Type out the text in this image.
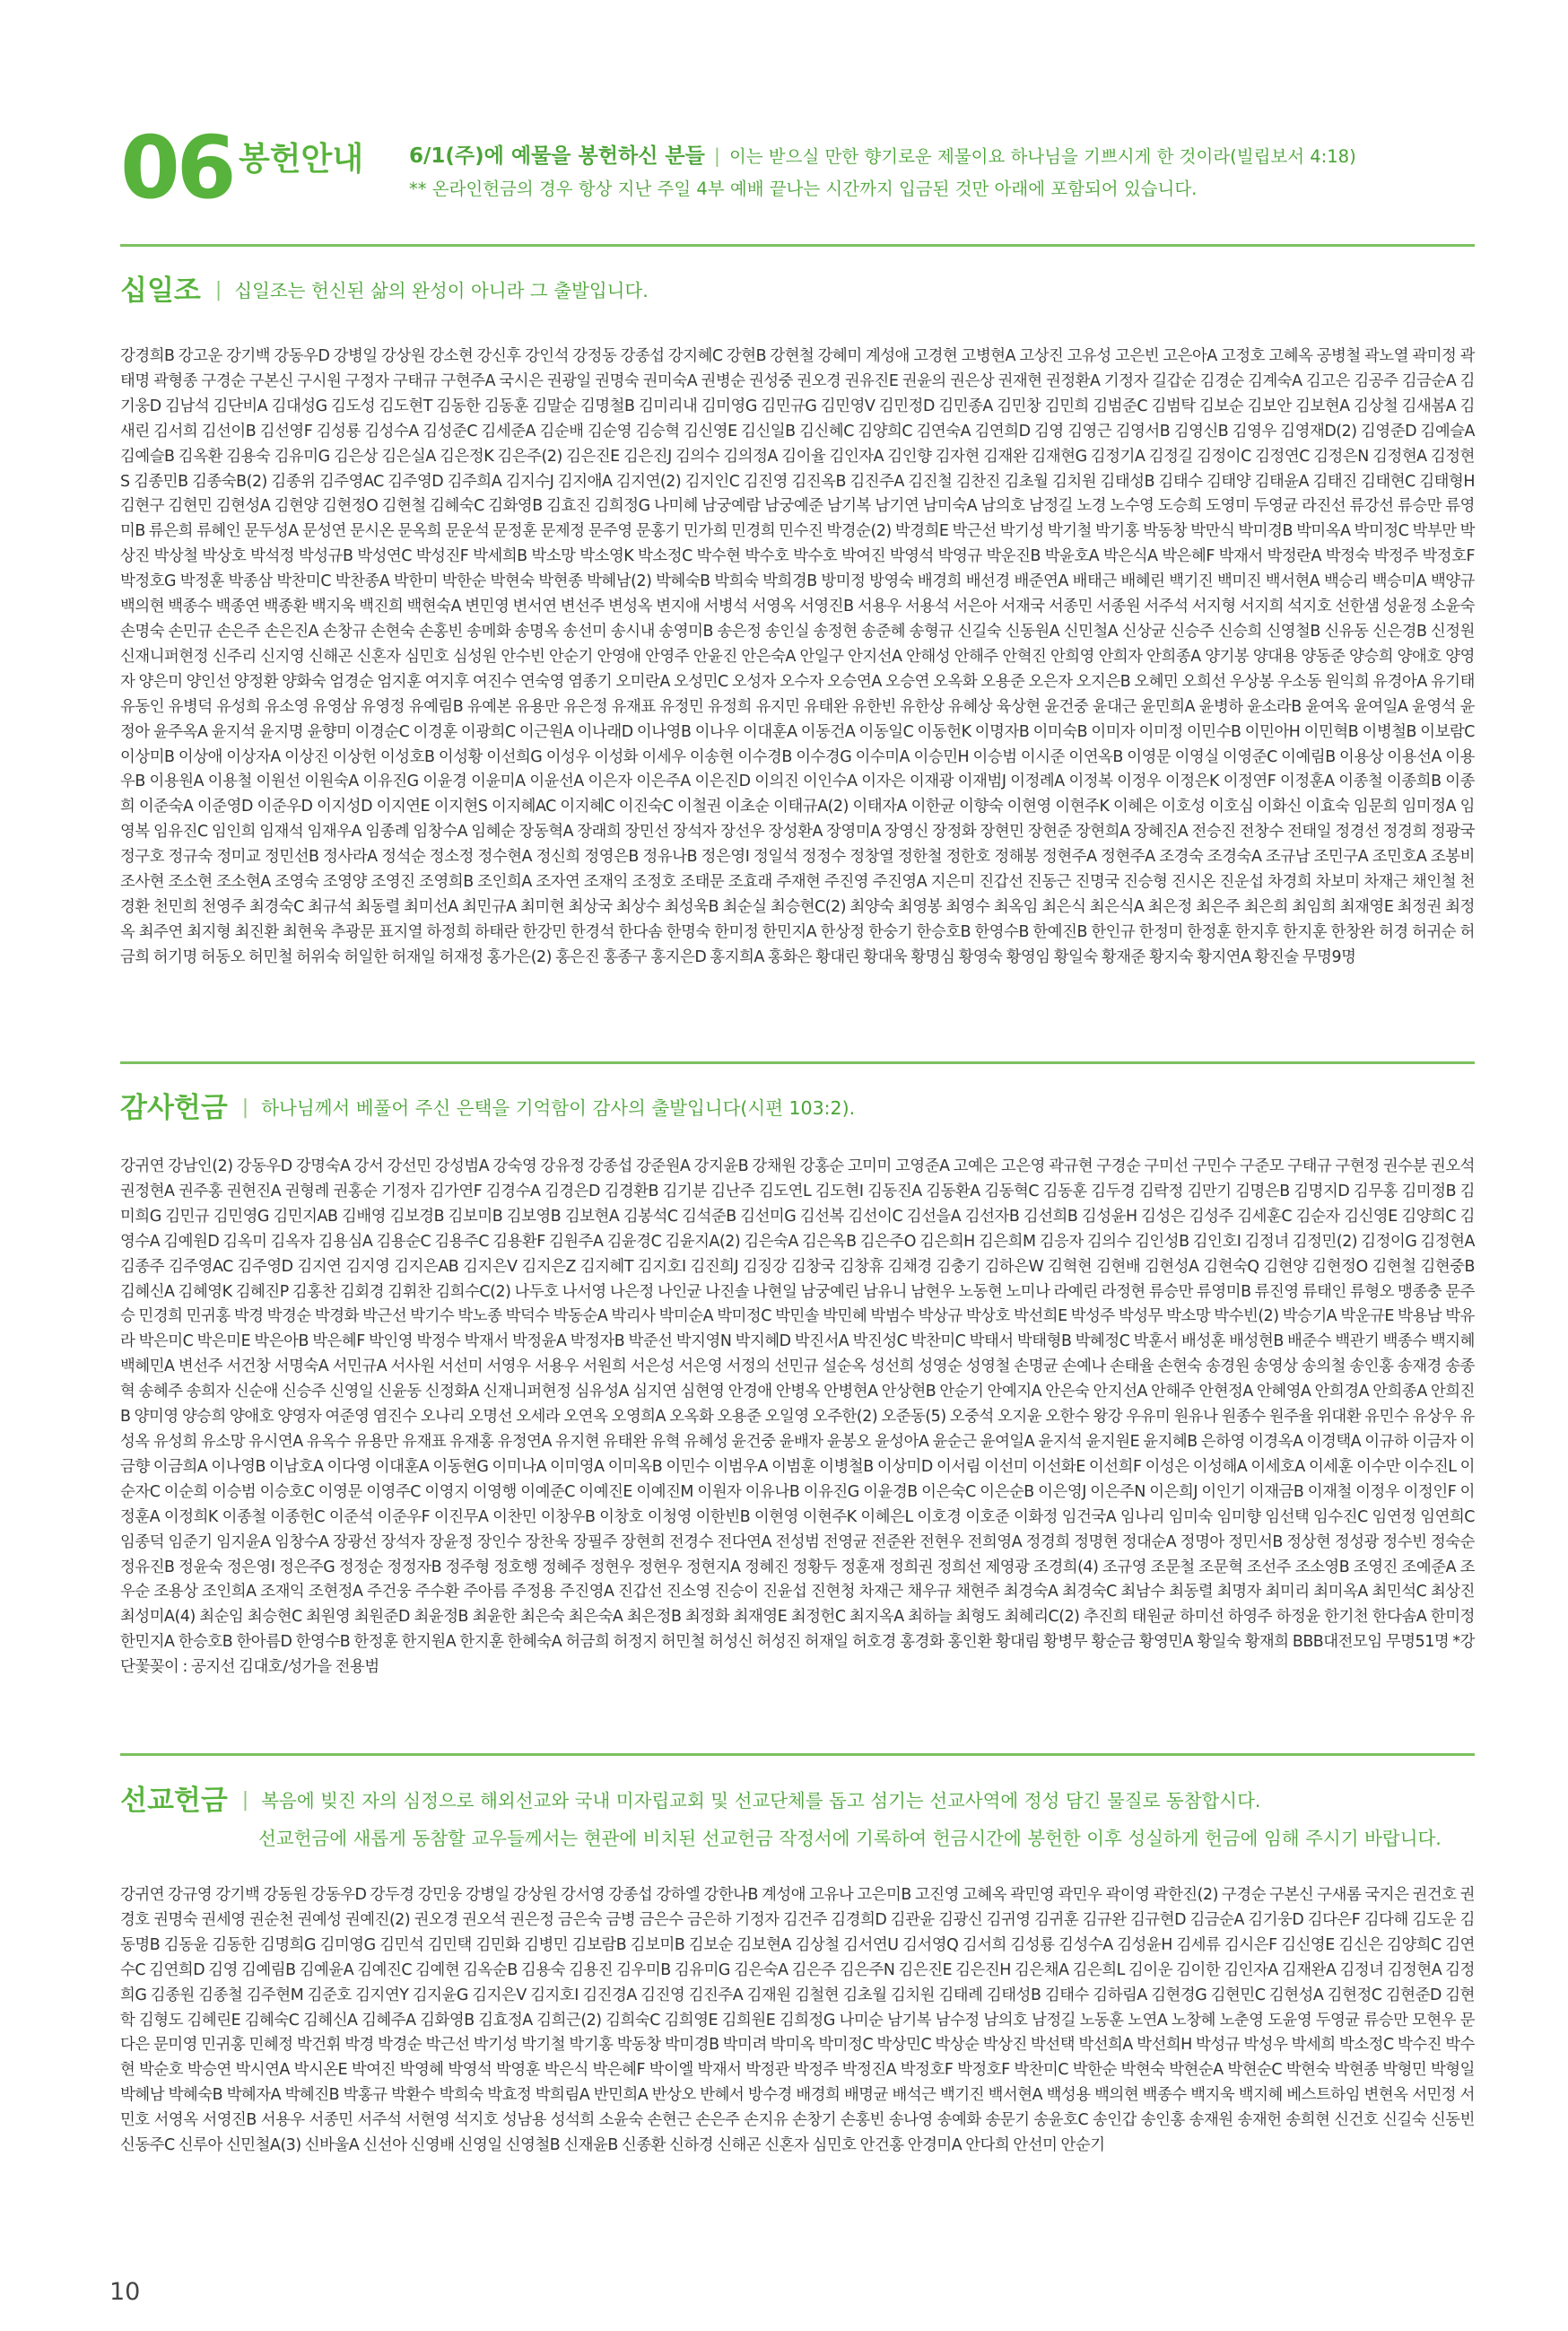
06 봉헌안내 6/1(주)에 예물을 봉헌하신 분들 | 이는 받으실 만한 향기로운 제물이요 하나님을 기쁘시게 한 것이라(빌립보서 4:18)
** 온라인헌금의 경우 항상 지난 주일 4부 예배 끝나는 시간까지 입금된 것만 아래에 포함되어 있습니다.
십일조 | 십일조는 헌신된 삶의 완성이 아니라 그 출발입니다.

강경희B 강고운 강기백 강동우D 강병일 강상원 강소현 강신후 강인석 강정동 강종섭 강지혜C 강현B 강현철 강혜미 계성애 고경현 고병현A 고상진 고유성 고은빈 고은아A 고정호 고혜옥 공병철 곽노열 곽미정 곽태명 곽형종 구경순 구본신 구시원 구정자 구태규 구현주A 국시은 권광일 권명숙 권미숙A 권병순 권성중 권오경 권유진E 권윤의 권은상 권재현 권정환A 기정자 길갑순 김경순 김계숙A 김고은 김공주 김금순A 김기웅D 김남석 김단비A 김대성G 김도성 김도현T 김동한 김동훈 김말순 김명철B 김미리내 김미영G 김민규G 김민영V 김민정D 김민종A 김민창 김민희 김범준C 김범탁 김보순 김보안 김보현A 김상철 김새봄A 김새린 김서희 김선이B 김선영F 김성룡 김성수A 김성준C 김세준A 김순배 김순영 김승혁 김신영E 김신일B 김신혜C 김양희C 김연숙A 김연희D 김영 김영근 김영서B 김영신B 김영우 김영재D(2) 김영준D 김예슬A 김예슬B 김옥환 김용숙 김유미G 김은상 김은실A 김은정K 김은주(2) 김은진E 김은진J 김의수 김의정A 김이율 김인자A 김인향 김자현 김재완 김재현G 김정기A 김정길 김정이C 김정연C 김정은N 김정현A 김정현S 김종민B 김종숙B(2) 김종위 김주영AC 김주영D 김주희A 김지수J 김지애A 김지연(2) 김지인C 김진영 김진옥B 김진주A 김진철 김찬진 김초월 김치원 김태성B 김태수 김태양 김태윤A 김태진 김태현C 김태형H 김현구 김현민 김현성A 김현양 김현정O 김현철 김혜숙C 김화영B 김효진 김희정G 나미혜 남궁예람 남궁예준 남기복 남기연 남미숙A 남의호 남정길 노경 노수영 도승희 도영미 두영균 라진선 류강선 류승만 류영미B 류은희 류혜인 문두성A 문성연 문시온 문옥희 문운석 문정훈 문제정 문주영 문홍기 민가희 민경희 민수진 박경순(2) 박경희E 박근선 박기성 박기철 박기홍 박동창 박만식 박미경B 박미옥A 박미정C 박부만 박상진 박상철 박상호 박석정 박성규B 박성연C 박성진F 박세희B 박소망 박소영K 박소정C 박수현 박수호 박수호 박여진 박영석 박영규 박운진B 박윤호A 박은식A 박은혜F 박재서 박정란A 박정숙 박정주 박정호F 박정호G 박정훈 박종삼 박찬미C 박찬종A 박한미 박한순 박현숙 박현종 박혜남(2) 박혜숙B 박희숙 박희경B 방미정 방영숙 배경희 배선경 배준연A 배태근 배혜린 백기진 백미진 백서현A 백승리 백승미A 백양규 백의현 백종수 백종연 백종환 백지욱 백진희 백현숙A 변민영 변서연 변선주 변성옥 변지애 서병석 서영옥 서영진B 서용우 서용석 서은아 서재국 서종민 서종원 서주석 서지형 서지희 석지호 선한샘 성윤정 소윤숙 손명숙 손민규 손은주 손은진A 손창규 손현숙 손홍빈 송메화 송명옥 송선미 송시내 송영미B 송은정 송인실 송정현 송준혜 송형규 신길숙 신동원A 신민철A 신상균 신승주 신승희 신영철B 신유동 신은경B 신정원 신재니퍼현정 신주리 신지영 신해곤 신혼자 심민호 심성원 안수빈 안순기 안영애 안영주 안윤진 안은숙A 안일구 안지선A 안해성 안해주 안혁진 안희영 안희자 안희종A 양기봉 양대용 양동준 양승희 양애호 양영자 양은미 양인선 양정환 양화숙 엄경순 엄지훈 여지후 여진수 연숙영 염종기 오미란A 오성민C 오성자 오수자 오승연A 오승연 오옥화 오용준 오은자 오지은B 오혜민 오희선 우상봉 우소동 원익희 유경아A 유기태 유동인 유병덕 유성희 유소영 유영삼 유영정 유예림B 유예본 유용만 유은정 유재표 유정민 유정희 유지민 유태완 유한빈 유한상 유혜상 육상현 윤건중 윤대근 윤민희A 윤병하 윤소라B 윤여옥 윤여일A 윤영석 윤정아 윤주옥A 윤지석 윤지명 윤향미 이경순C 이경훈 이광희C 이근원A 이나래D 이나영B 이나우 이대훈A 이동건A 이동일C 이동헌K 이명자B 이미숙B 이미자 이미정 이민수B 이민아H 이민혁B 이병철B 이보람C 이상미B 이상애 이상자A 이상진 이상헌 이성호B 이성황 이선희G 이성우 이성화 이세우 이송현 이수경B 이수경G 이수미A 이승민H 이승범 이시준 이연옥B 이영문 이영실 이영준C 이예림B 이용상 이용선A 이용우B 이용원A 이용철 이원선 이원숙A 이유진G 이윤경 이윤미A 이윤선A 이은자 이은주A 이은진D 이의진 이인수A 이자은 이재광 이재범J 이정례A 이정복 이정우 이정은K 이정연F 이정훈A 이종철 이종희B 이종희 이준숙A 이준영D 이준우D 이지성D 이지연E 이지현S 이지혜AC 이지혜C 이진숙C 이철권 이초순 이태규A(2) 이태자A 이한균 이향숙 이현영 이현주K 이혜은 이호성 이호심 이화신 이효숙 임문희 임미정A 임영복 임유진C 임인희 임재석 임재우A 임종례 임창수A 임혜순 장동혁A 장래희 장민선 장석자 장선우 장성환A 장영미A 장영신 장정화 장현민 장현준 장현희A 장혜진A 전승진 전창수 전태일 정경선 정경희 정광국 정구호 정규숙 정미교 정민선B 정사라A 정석순 정소정 정수현A 정신희 정영은B 정유나B 정은영I 정일석 정정수 정창열 정한철 정한호 정해봉 정현주A 정현주A 조경숙 조경숙A 조규남 조민구A 조민호A 조봉비 조사현 조소현 조소현A 조영숙 조영양 조영진 조영희B 조인희A 조자연 조재익 조정호 조태문 조효래 주재현 주진영 주진영A 지은미 진갑선 진동근 진명국 진승형 진시온 진운섭 차경희 차보미 차재근 채인철 천경환 천민희 천영주 최경숙C 최규석 최동렬 최미선A 최민규A 최미현 최상국 최상수 최성욱B 최순실 최승현C(2) 최양숙 최영봉 최영수 최옥임 최은식 최은식A 최은정 최은주 최은희 최임희 최재영E 최정권 최정옥 최주연 최지형 최진환 최현욱 추광문 표지열 하정희 하태란 한강민 한경석 한다솜 한명숙 한미정 한민지A 한상정 한숭기 한승호B 한영수B 한예진B 한인규 한정미 한정훈 한지후 한지훈 한창완 허경 허귀순 허금희 허기명 허동오 허민철 허위숙 허일한 허재일 허재정 홍가은(2) 홍은진 홍종구 홍지은D 홍지희A 홍화은 황대린 황대욱 황명심 황영숙 황영임 황일숙 황재준 황지숙 황지연A 황진술 무명9명

감사헌금 | 하나님께서 베풀어 주신 은택을 기억함이 감사의 출발입니다(시편 103:2).

강귀연 강남인(2) 강동우D 강명숙A 강서 강선민 강성범A 강숙영 강유정 강종섭 강준원A 강지윤B 강채원 강홍순 고미미 고영준A 고예은 고은영 곽규현 구경순 구미선 구민수 구준모 구태규 구현정 권수분 권오석 권정현A 권주홍 권현진A 권형례 권홍순 기정자 김가연F 김경수A 김경은D 김경환B 김기분 김난주 김도연L 김도현I 김동진A 김동환A 김동혁C 김동훈 김두경 김락정 김만기 김명은B 김명지D 김무홍 김미정B 김미희G 김민규 김민영G 김민지AB 김배영 김보경B 김보미B 김보영B 김보현A 김봉석C 김석준B 김선미G 김선복 김선이C 김선을A 김선자B 김선희B 김성윤H 김성은 김성주 김세훈C 김순자 김신영E 김양희C 김영수A 김예원D 김옥미 김옥자 김용심A 김용순C 김용주C 김용환F 김원주A 김윤경C 김윤지A(2) 김은숙A 김은옥B 김은주O 김은희H 김은희M 김응자 김의수 김인성B 김인호I 김정녀 김정민(2) 김정이G 김정현A 김종주 김주영AC 김주영D 김지연 김지영 김지은AB 김지은V 김지은Z 김지혜T 김지호I 김진희J 김징강 김창국 김창휴 김채경 김충기 김하은W 김혁현 김현배 김현성A 김현숙Q 김현양 김현정O 김현철 김현중B 김혜신A 김혜영K 김혜진P 김홍찬 김회경 김휘찬 김희수C(2) 나두호 나서영 나은정 나인균 나진솔 나현일 남궁예린 남유니 남현우 노동현 노미나 라예린 라정현 류승만 류영미B 류진영 류태인 류형오 맹종충 문주승 민경희 민귀홍 박경 박경순 박경화 박근선 박기수 박노종 박덕수 박동순A 박리사 박미순A 박미정C 박민솔 박민혜 박범수 박상규 박상호 박선희E 박성주 박성무 박소망 박수빈(2) 박승기A 박운규E 박용남 박유라 박은미C 박은미E 박은아B 박은혜F 박인영 박정수 박재서 박정윤A 박정자B 박준선 박지영N 박지혜D 박진서A 박진성C 박찬미C 박태서 박태형B 박혜정C 박훈서 배성훈 배성현B 배준수 백관기 백종수 백지혜 백혜민A 변선주 서건창 서명숙A 서민규A 서사원 서선미 서영우 서용우 서원희 서은성 서은영 서정의 선민규 설순옥 성선희 성영순 성영철 손명균 손예나 손태율 손현숙 송경원 송영상 송의철 송인홍 송재경 송종혁 송혜주 송희자 신순애 신승주 신영일 신윤동 신정화A 신재니퍼현정 심유성A 심지연 심현영 안경애 안병옥 안병현A 안상현B 안순기 안예지A 안은숙 안지선A 안해주 안현정A 안혜영A 안희경A 안희종A 안희진B 양미영 양승희 양애호 양영자 여준영 염진수 오나리 오명선 오세라 오연옥 오영희A 오옥화 오용준 오일영 오주한(2) 오준동(5) 오중석 오지윤 오한수 왕강 우유미 원유나 원종수 원주율 위대환 유민수 유상우 유성옥 유성희 유소망 유시연A 유옥수 유용만 유재표 유재홍 유정연A 유지현 유태완 유혁 유혜성 윤건중 윤배자 윤봉오 윤성아A 윤순근 윤여일A 윤지석 윤지원E 윤지혜B 은하영 이경옥A 이경택A 이규하 이금자 이금향 이금희A 이나영B 이남호A 이다영 이대훈A 이동현G 이미나A 이미영A 이미옥B 이민수 이범우A 이범훈 이병철B 이상미D 이서림 이선미 이선화E 이선희F 이성은 이성해A 이세호A 이세훈 이수만 이수진L 이순자C 이순희 이승범 이승호C 이영문 이영주C 이영지 이영행 이예준C 이예진E 이예진M 이원자 이유나B 이유진G 이윤경B 이은숙C 이은순B 이은영J 이은주N 이은희J 이인기 이재금B 이재철 이정우 이정인F 이정훈A 이정희K 이종철 이종헌C 이준석 이준우F 이진무A 이찬민 이창우B 이창호 이청영 이한빈B 이현영 이현주K 이혜은L 이호경 이호준 이화정 임건국A 임나리 임미숙 임미향 임선택 임수진C 임연정 임연희C 임종덕 임준기 임지윤A 임창수A 장광선 장석자 장윤정 장인수 장찬욱 장필주 장현희 전경수 전다연A 전성범 전영균 전준완 전현우 전희영A 정경희 정명현 정대순A 정명아 정민서B 정상현 정성광 정수빈 정숙순 정유진B 정윤숙 정은영I 정은주G 정정순 정정자B 정주형 정호행 정혜주 정현우 정현우 정현지A 정혜진 정황두 정훈재 정희권 정희선 제영광 조경희(4) 조규영 조문철 조문혁 조선주 조소영B 조영진 조예준A 조우순 조용상 조인희A 조재익 조현정A 주건웅 주수환 주아름 주정용 주진영A 진갑선 진소영 진승이 진윤섭 진현청 차재근 채우규 채현주 최경숙A 최경숙C 최남수 최동렬 최명자 최미리 최미옥A 최민석C 최상진 최성미A(4) 최순임 최승현C 최원영 최원준D 최윤정B 최윤한 최은숙 최은숙A 최은정B 최정화 최재영E 최정헌C 최지옥A 최하늘 최형도 최혜리C(2) 추진희 태원균 하미선 하영주 하정윤 한기천 한다솜A 한미정 한민지A 한승호B 한아름D 한영수B 한정훈 한지원A 한지훈 한혜숙A 허금희 허정지 허민철 허성신 허성진 허재일 허호경 홍경화 홍인환 황대림 황병무 황순금 황영민A 황일숙 황재희 BBB대전모임 무명51명 *강단꽃꽂이 : 공지선 김대호/성가을 전용범

선교헌금 | 복음에 빚진 자의 심정으로 해외선교와 국내 미자립교회 및 선교단체를 돕고 섬기는 선교사역에 정성 담긴 물질로 동참합시다.
선교헌금에 새롭게 동참할 교우들께서는 현관에 비치된 선교헌금 작정서에 기록하여 헌금시간에 봉헌한 이후 성실하게 헌금에 임해 주시기 바랍니다.

강귀연 강규영 강기백 강동원 강동우D 강두경 강민웅 강병일 강상원 강서영 강종섭 강하엘 강한나B 계성애 고유나 고은미B 고진영 고혜옥 곽민영 곽민우 곽이영 곽한진(2) 구경순 구본신 구새롬 국지은 권건호 권경호 권명숙 권세영 권순천 권예성 권예진(2) 권오경 권오석 권은정 금은숙 금병 금은수 금은하 기정자 김건주 김경희D 김관윤 김광신 김귀영 김귀훈 김규완 김규현D 김금순A 김기웅D 김다은F 김다해 김도운 김동명B 김동윤 김동한 김명희G 김미영G 김민석 김민택 김민화 김병민 김보람B 김보미B 김보순 김보현A 김상철 김서연U 김서영Q 김서희 김성룡 김성수A 김성윤H 김세류 김시은F 김신영E 김신은 김양희C 김연수C 김연희D 김영 김예림B 김예윤A 김예진C 김예현 김옥순B 김용숙 김용진 김우미B 김유미G 김은숙A 김은주 김은주N 김은진E 김은진H 김은채A 김은희L 김이운 김이한 김인자A 김재완A 김정녀 김정현A 김정희G 김종원 김종철 김주현M 김준호 김지연Y 김지윤G 김지은V 김지호I 김진경A 김진영 김진주A 김재원 김철현 김초월 김치원 김태례 김태성B 김태수 김하림A 김현경G 김현민C 김현성A 김현정C 김현준D 김현학 김형도 김혜린E 김혜숙C 김혜신A 김혜주A 김화영B 김효정A 김희근(2) 김희숙C 김희영E 김희원E 김희정G 나미순 남기복 남수정 남의호 남정길 노동훈 노연A 노창혜 노춘영 도윤영 두영균 류승만 모현우 문다은 문미영 민귀홍 민혜정 박건휘 박경 박경순 박근선 박기성 박기철 박기홍 박동창 박미경B 박미려 박미옥 박미정C 박상민C 박상순 박상진 박선택 박선희A 박선희H 박성규 박성우 박세희 박소정C 박수진 박수현 박순호 박승연 박시연A 박시온E 박여진 박영혜 박영석 박영훈 박은식 박은혜F 박이엘 박재서 박정관 박정주 박정진A 박정호F 박정호F 박찬미C 박한순 박현숙 박현순A 박현순C 박현숙 박현종 박형민 박형일 박혜남 박혜숙B 박혜자A 박혜진B 박홍규 박환수 박희숙 박효정 박희림A 반민희A 반상오 반혜서 방수경 배경희 배명균 배석근 백기진 백서현A 백성용 백의현 백종수 백지욱 백지혜 베스트하임 변현옥 서민정 서민호 서영옥 서영진B 서용우 서종민 서주석 서현영 석지호 성남용 성석희 소윤숙 손현근 손은주 손지유 손창기 손홍빈 송나영 송예화 송문기 송윤호C 송인갑 송인홍 송재원 송재헌 송희현 신건호 신길숙 신동빈 신동주C 신루아 신민철A(3) 신바울A 신선아 신영배 신영일 신영철B 신재윤B 신종환 신하경 신해곤 신혼자 심민호 안건홍 안경미A 안다희 안선미 안순기

10
